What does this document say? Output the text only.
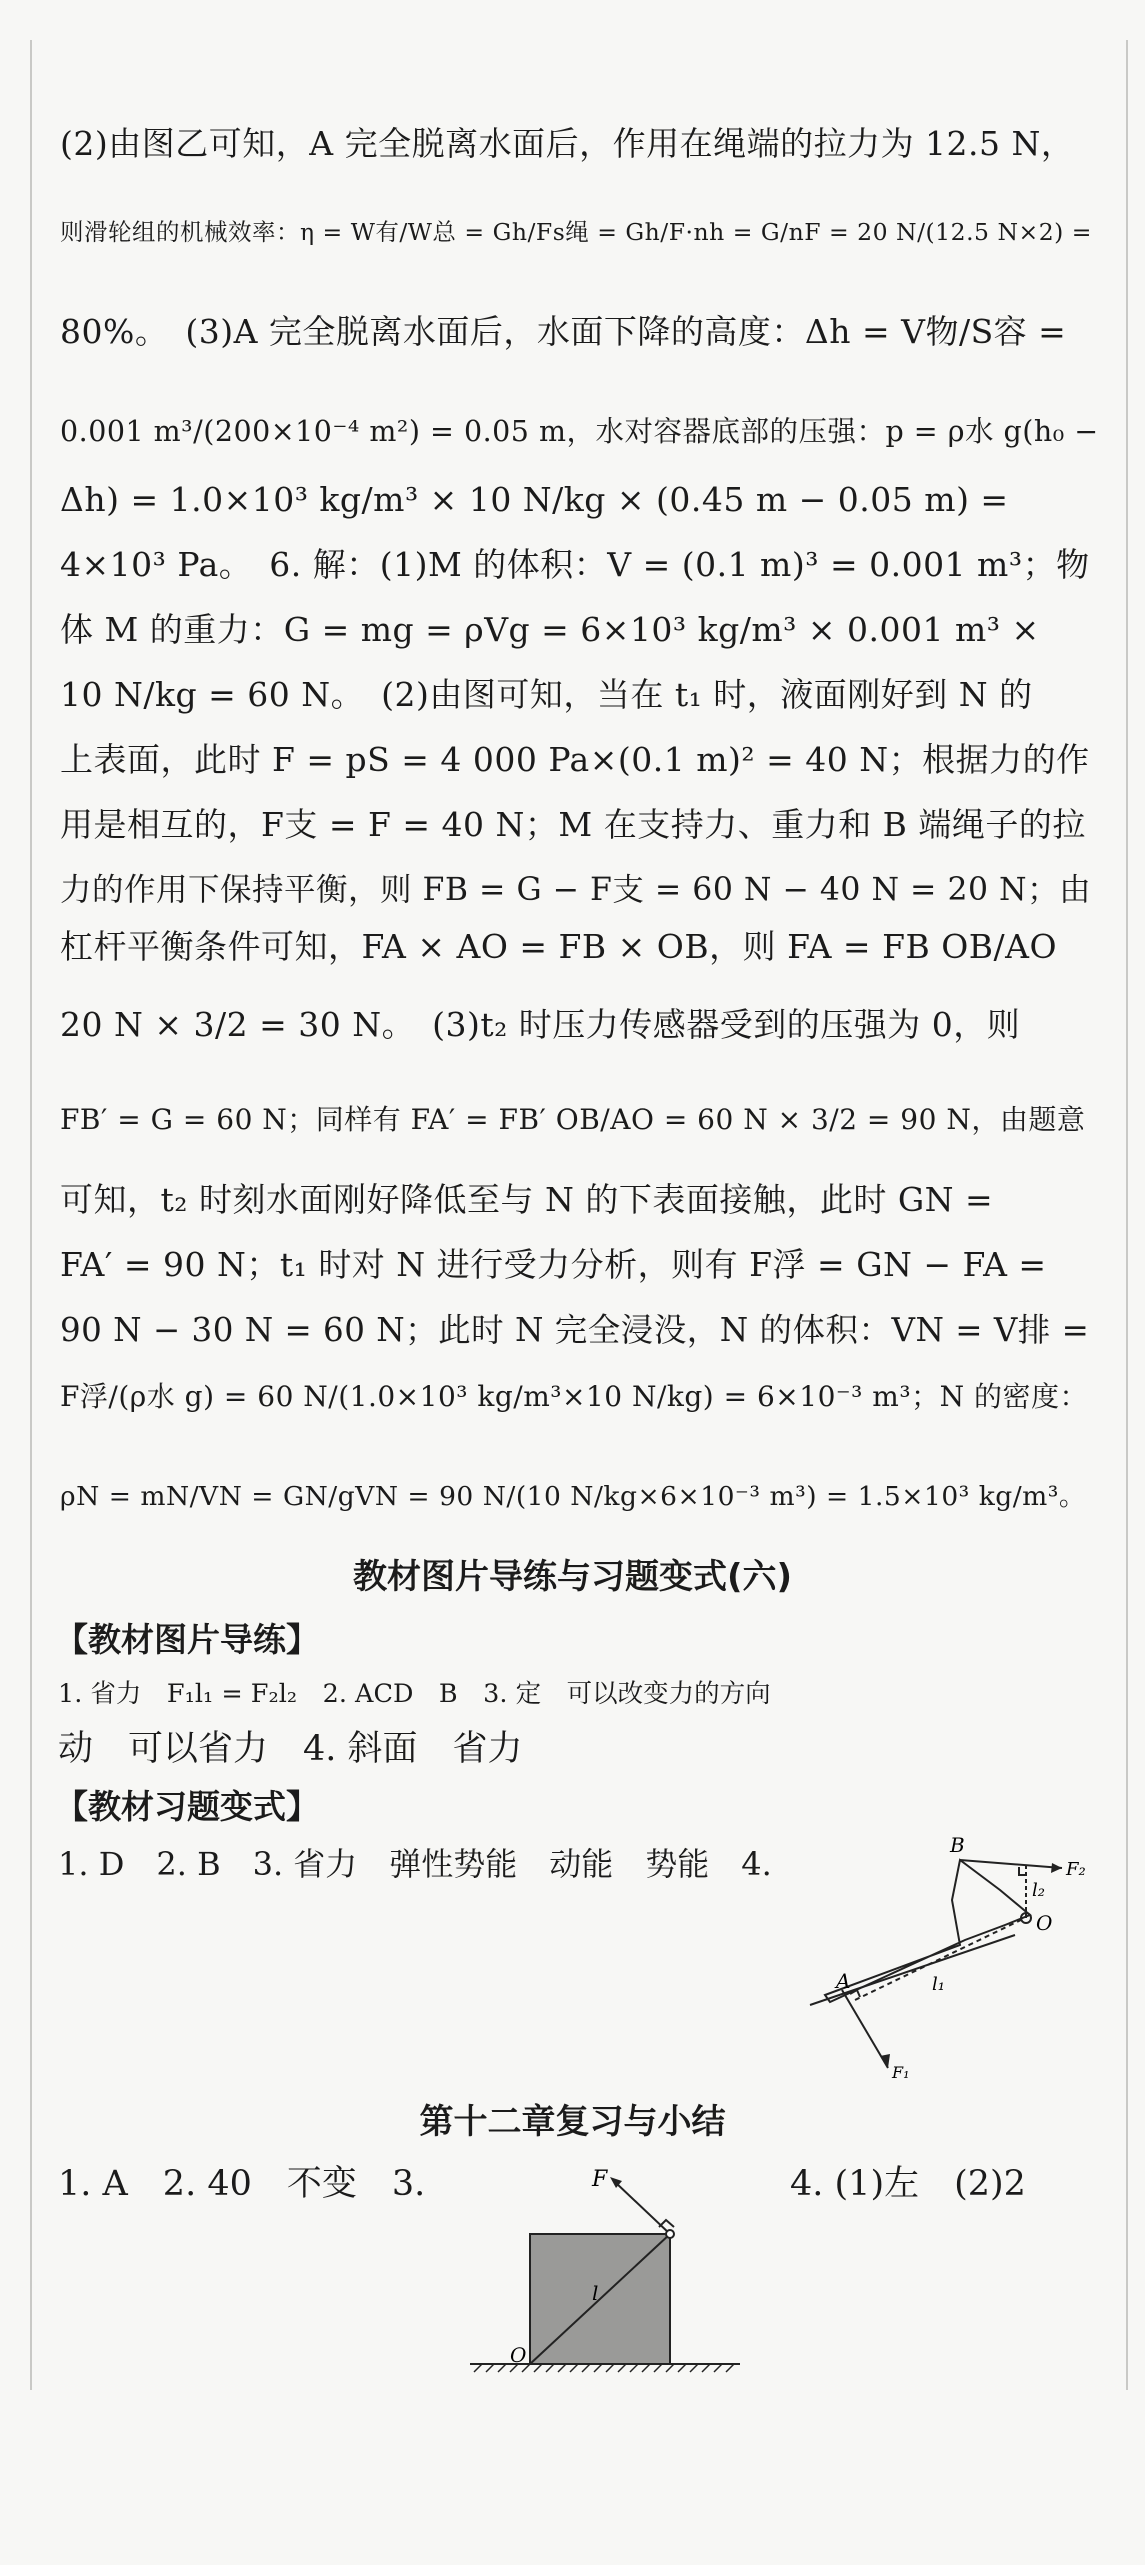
(2)由图乙可知，A 完全脱离水面后，作用在绳端的拉力为 12.5 N，
则滑轮组的机械效率：η = W有/W总 = Gh/Fs绳 = Gh/F·nh = G/nF = 20 N/(12.5 N×2) =
80%。　(3)A 完全脱离水面后，水面下降的高度：Δh = V物/S容 =
0.001 m³/(200×10⁻⁴ m²) = 0.05 m，水对容器底部的压强：p = ρ水 g(h₀ −
Δh) = 1.0×10³ kg/m³ × 10 N/kg × (0.45 m − 0.05 m) =
4×10³ Pa。　6. 解：(1)M 的体积：V = (0.1 m)³ = 0.001 m³；物
体 M 的重力：G = mg = ρVg = 6×10³ kg/m³ × 0.001 m³ ×
10 N/kg = 60 N。　(2)由图可知，当在 t₁ 时，液面刚好到 N 的
上表面，此时 F = pS = 4 000 Pa×(0.1 m)² = 40 N；根据力的作
用是相互的，F支 = F = 40 N；M 在支持力、重力和 B 端绳子的拉
力的作用下保持平衡，则 FB = G − F支 = 60 N − 40 N = 20 N；由
杠杆平衡条件可知，FA × AO = FB × OB，则 FA = FB OB/AO
20 N × 3/2 = 30 N。　(3)t₂ 时压力传感器受到的压强为 0，则
FB′ = G = 60 N；同样有 FA′ = FB′ OB/AO = 60 N × 3/2 = 90 N，由题意
可知，t₂ 时刻水面刚好降低至与 N 的下表面接触，此时 GN =
FA′ = 90 N；t₁ 时对 N 进行受力分析，则有 F浮 = GN − FA =
90 N − 30 N = 60 N；此时 N 完全浸没，N 的体积：VN = V排 =
F浮/(ρ水 g) = 60 N/(1.0×10³ kg/m³×10 N/kg) = 6×10⁻³ m³；N 的密度：
ρN = mN/VN = GN/gVN = 90 N/(10 N/kg×6×10⁻³ m³) = 1.5×10³ kg/m³。
教材图片导练与习题变式(六)
【教材图片导练】
1. 省力　F₁l₁ = F₂l₂　2. ACD　B　3. 定　可以改变力的方向
动　可以省力　4. 斜面　省力
【教材习题变式】
1. D　2. B　3. 省力　弹性势能　动能　势能　4.	B
F₂
l₂
O
A	l₁
F₁
第十二章复习与小结
1. A　2. 40　不变　3.	4. (1)左　(2)2
F
l
O
